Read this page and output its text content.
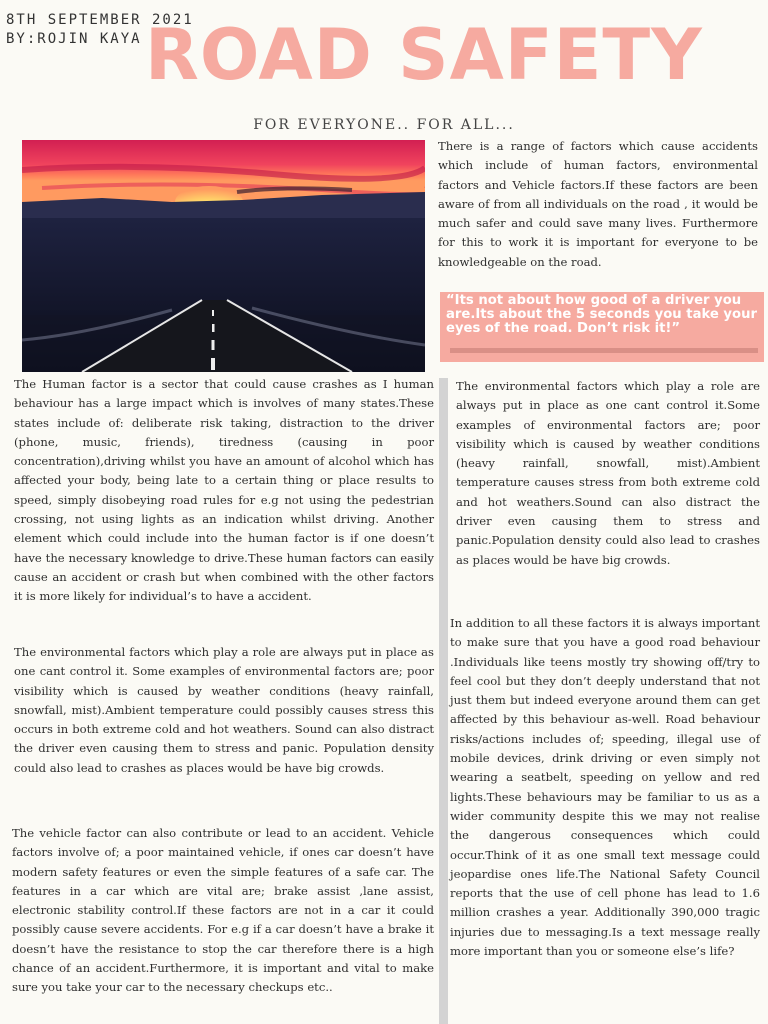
8TH SEPTEMBER 2021
BY:ROJIN KAYA ROAD SAFETY
FOR EVERYONE.. FOR ALL...
There is a range of factors which cause accidents which include of human factors, environmental factors and Vehicle factors.If these factors are been aware of from all individuals on the road , it would be much safer and could save many lives. Furthermore for this to work it is important for everyone to be knowledgeable on the road.
“Its not about how good of a driver you are.Its about the 5 seconds you take your eyes of the road. Don’t risk it!”
The Human factor is a sector that could cause crashes as I human behaviour has a large impact which is involves of many states.These states include of: deliberate risk taking, distraction to the driver (phone, music, friends), tiredness (causing in poor concentration),driving whilst you have an amount of alcohol which has affected your body, being late to a certain thing or place results to speed, simply disobeying road rules for e.g not using the pedestrian crossing, not using lights as an indication whilst driving. Another element which could include into the human factor is if one doesn’t have the necessary knowledge to drive.These human factors can easily cause an accident or crash but when combined with the other factors it is more likely for individual’s to have a accident.
The environmental factors which play a role are always put in place as one cant control it.Some examples of environmental factors are; poor visibility which is caused by weather conditions (heavy rainfall, snowfall, mist).Ambient temperature causes stress from both extreme cold and hot weathers.Sound can also distract the driver even causing them to stress and panic.Population density could also lead to crashes as places would be have big crowds.
The environmental factors which play a role are always put in place as one cant control it. Some examples of environmental factors are; poor visibility which is caused by weather conditions (heavy rainfall, snowfall, mist).Ambient temperature could possibly causes stress this occurs in both extreme cold and hot weathers. Sound can also distract the driver even causing them to stress and panic. Population density could also lead to crashes as places would be have big crowds.
In addition to all these factors it is always important to make sure that you have a good road behaviour .Individuals like teens mostly try showing off/try to feel cool but they don’t deeply understand that not just them but indeed everyone around them can get affected by this behaviour as-well. Road behaviour risks/actions includes of; speeding, illegal use of mobile devices, drink driving or even simply not wearing a seatbelt, speeding on yellow and red lights.These behaviours may be familiar to us as a wider community despite this we may not realise the dangerous consequences which could occur.Think of it as one small text message could jeopardise ones life.The National Safety Council reports that the use of cell phone has lead to 1.6 million crashes a year. Additionally 390,000 tragic injuries due to messaging.Is a text message really more important than you or someone else’s life?
The vehicle factor can also contribute or lead to an accident. Vehicle factors involve of; a poor maintained vehicle, if ones car doesn’t have modern safety features or even the simple features of a safe car. The features in a car which are vital are; brake assist ,lane assist, electronic stability control.If these factors are not in a car it could possibly cause severe accidents. For e.g if a car doesn’t have a brake it doesn’t have the resistance to stop the car therefore there is a high chance of an accident.Furthermore, it is important and vital to make sure you take your car to the necessary checkups etc..
